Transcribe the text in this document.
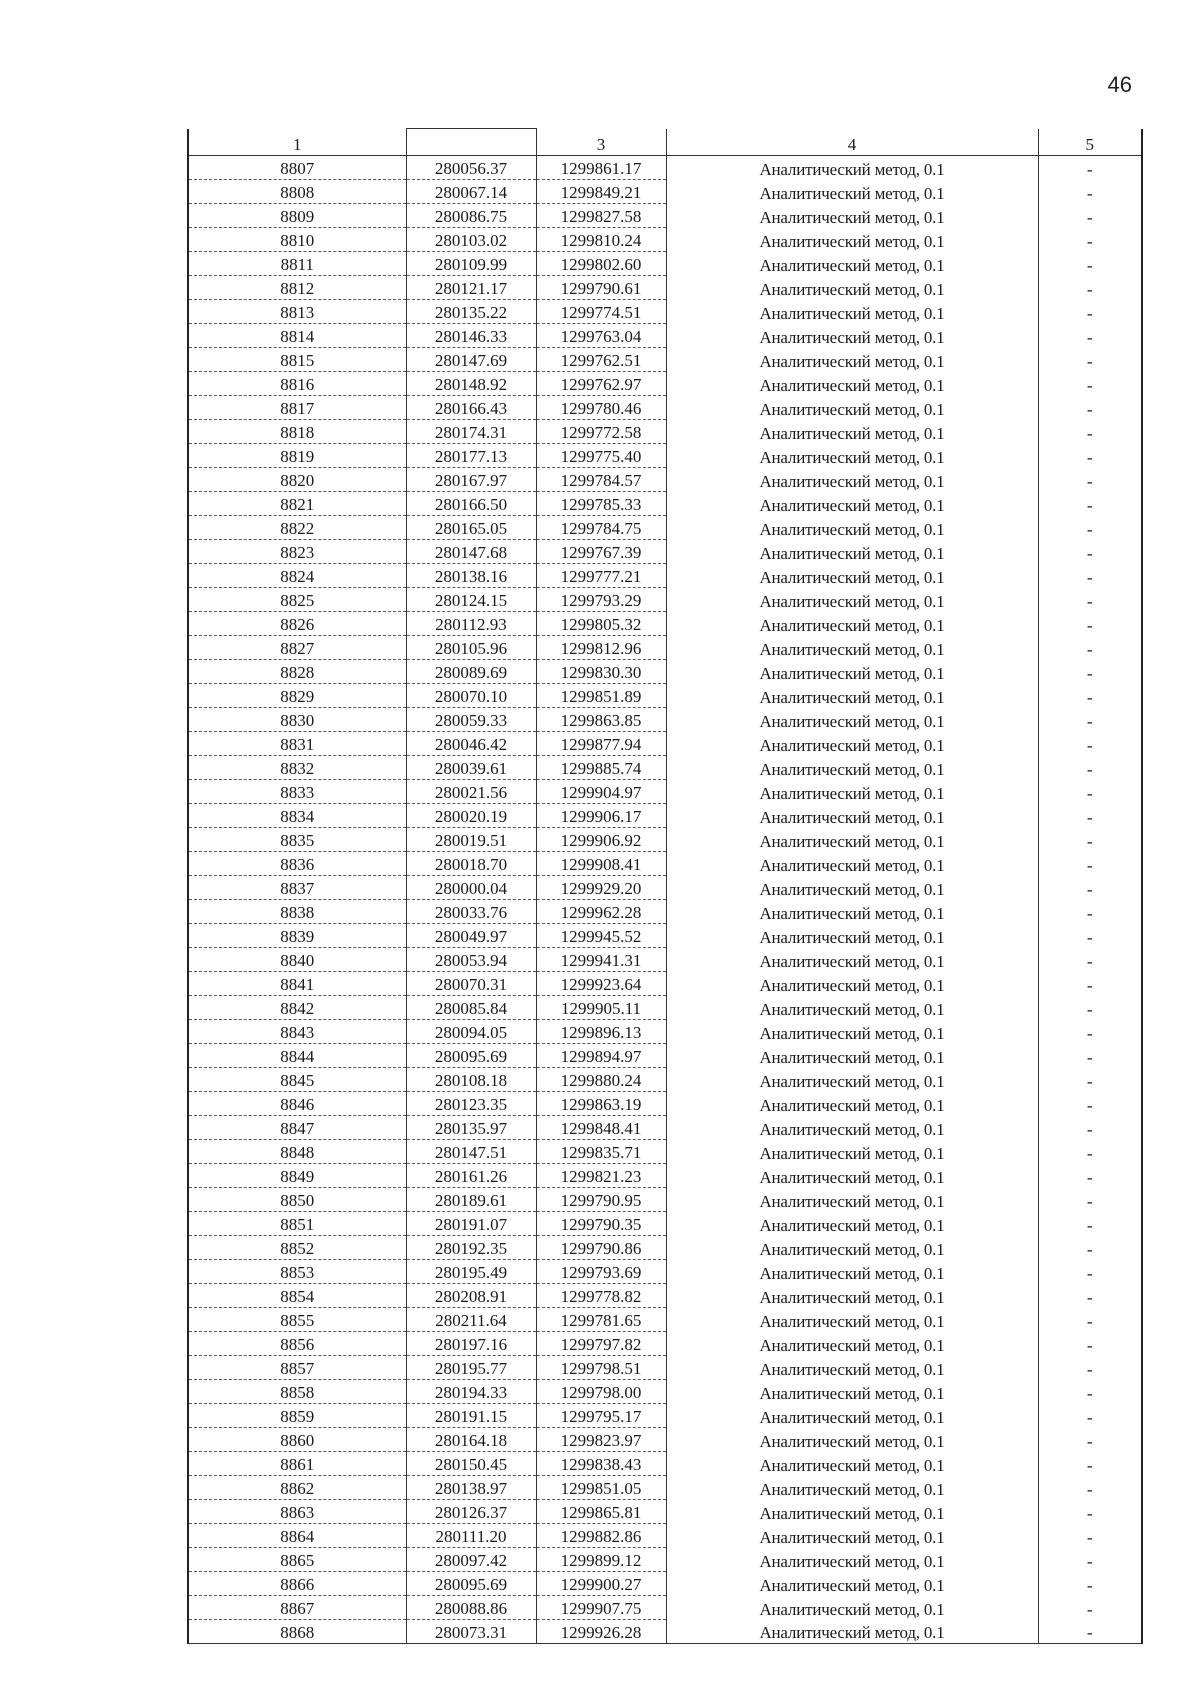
46
1		3	4	5
8807	280056.37	1299861.17	Аналитический метод, 0.1	-
8808	280067.14	1299849.21	Аналитический метод, 0.1	-
8809	280086.75	1299827.58	Аналитический метод, 0.1	-
8810	280103.02	1299810.24	Аналитический метод, 0.1	-
8811	280109.99	1299802.60	Аналитический метод, 0.1	-
8812	280121.17	1299790.61	Аналитический метод, 0.1	-
8813	280135.22	1299774.51	Аналитический метод, 0.1	-
8814	280146.33	1299763.04	Аналитический метод, 0.1	-
8815	280147.69	1299762.51	Аналитический метод, 0.1	-
8816	280148.92	1299762.97	Аналитический метод, 0.1	-
8817	280166.43	1299780.46	Аналитический метод, 0.1	-
8818	280174.31	1299772.58	Аналитический метод, 0.1	-
8819	280177.13	1299775.40	Аналитический метод, 0.1	-
8820	280167.97	1299784.57	Аналитический метод, 0.1	-
8821	280166.50	1299785.33	Аналитический метод, 0.1	-
8822	280165.05	1299784.75	Аналитический метод, 0.1	-
8823	280147.68	1299767.39	Аналитический метод, 0.1	-
8824	280138.16	1299777.21	Аналитический метод, 0.1	-
8825	280124.15	1299793.29	Аналитический метод, 0.1	-
8826	280112.93	1299805.32	Аналитический метод, 0.1	-
8827	280105.96	1299812.96	Аналитический метод, 0.1	-
8828	280089.69	1299830.30	Аналитический метод, 0.1	-
8829	280070.10	1299851.89	Аналитический метод, 0.1	-
8830	280059.33	1299863.85	Аналитический метод, 0.1	-
8831	280046.42	1299877.94	Аналитический метод, 0.1	-
8832	280039.61	1299885.74	Аналитический метод, 0.1	-
8833	280021.56	1299904.97	Аналитический метод, 0.1	-
8834	280020.19	1299906.17	Аналитический метод, 0.1	-
8835	280019.51	1299906.92	Аналитический метод, 0.1	-
8836	280018.70	1299908.41	Аналитический метод, 0.1	-
8837	280000.04	1299929.20	Аналитический метод, 0.1	-
8838	280033.76	1299962.28	Аналитический метод, 0.1	-
8839	280049.97	1299945.52	Аналитический метод, 0.1	-
8840	280053.94	1299941.31	Аналитический метод, 0.1	-
8841	280070.31	1299923.64	Аналитический метод, 0.1	-
8842	280085.84	1299905.11	Аналитический метод, 0.1	-
8843	280094.05	1299896.13	Аналитический метод, 0.1	-
8844	280095.69	1299894.97	Аналитический метод, 0.1	-
8845	280108.18	1299880.24	Аналитический метод, 0.1	-
8846	280123.35	1299863.19	Аналитический метод, 0.1	-
8847	280135.97	1299848.41	Аналитический метод, 0.1	-
8848	280147.51	1299835.71	Аналитический метод, 0.1	-
8849	280161.26	1299821.23	Аналитический метод, 0.1	-
8850	280189.61	1299790.95	Аналитический метод, 0.1	-
8851	280191.07	1299790.35	Аналитический метод, 0.1	-
8852	280192.35	1299790.86	Аналитический метод, 0.1	-
8853	280195.49	1299793.69	Аналитический метод, 0.1	-
8854	280208.91	1299778.82	Аналитический метод, 0.1	-
8855	280211.64	1299781.65	Аналитический метод, 0.1	-
8856	280197.16	1299797.82	Аналитический метод, 0.1	-
8857	280195.77	1299798.51	Аналитический метод, 0.1	-
8858	280194.33	1299798.00	Аналитический метод, 0.1	-
8859	280191.15	1299795.17	Аналитический метод, 0.1	-
8860	280164.18	1299823.97	Аналитический метод, 0.1	-
8861	280150.45	1299838.43	Аналитический метод, 0.1	-
8862	280138.97	1299851.05	Аналитический метод, 0.1	-
8863	280126.37	1299865.81	Аналитический метод, 0.1	-
8864	280111.20	1299882.86	Аналитический метод, 0.1	-
8865	280097.42	1299899.12	Аналитический метод, 0.1	-
8866	280095.69	1299900.27	Аналитический метод, 0.1	-
8867	280088.86	1299907.75	Аналитический метод, 0.1	-
8868	280073.31	1299926.28	Аналитический метод, 0.1	-
